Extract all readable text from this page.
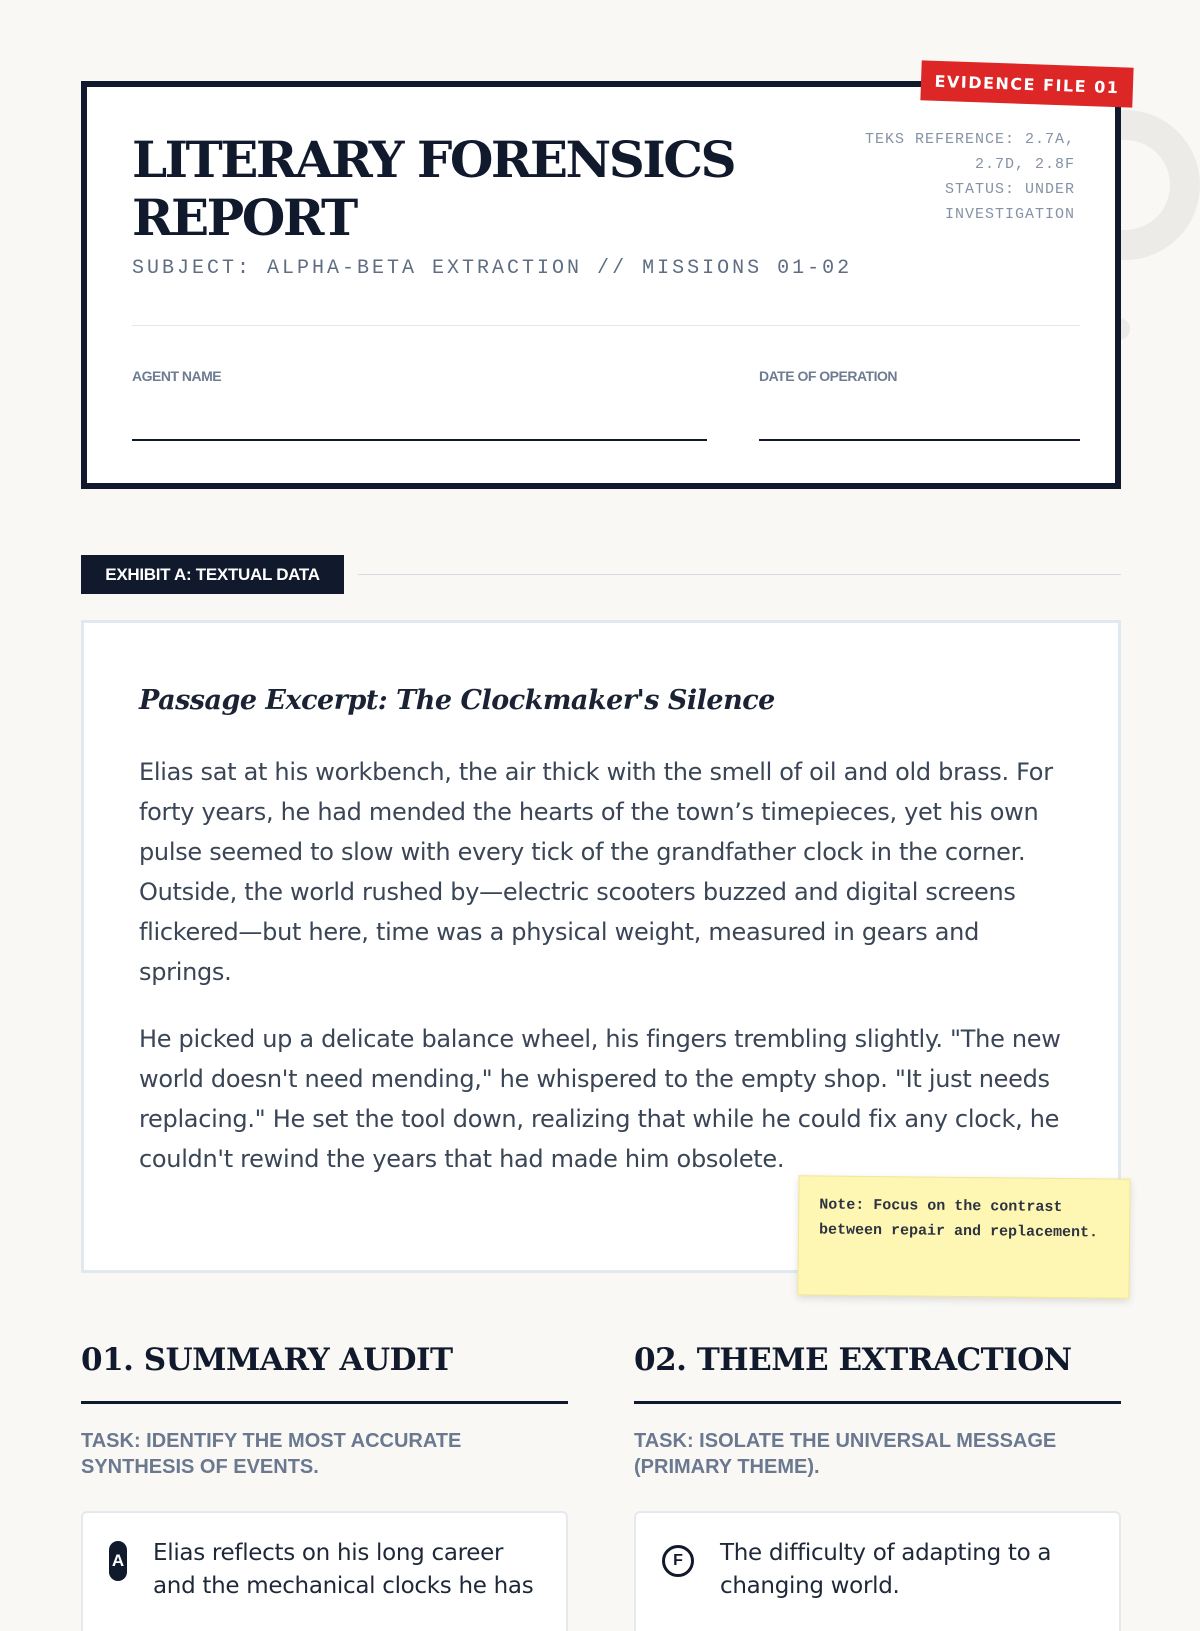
LITERARY FORENSICS REPORT
SUBJECT: ALPHA-BETA EXTRACTION // MISSIONS 01-02
TEKS REFERENCE: 2.7A, 2.7D, 2.8F
STATUS: UNDER INVESTIGATION
AGENT NAME	DATE OF OPERATION
EVIDENCE FILE 01
EXHIBIT A: TEXTUAL DATA
Passage Excerpt: The Clockmaker's Silence

Elias sat at his workbench, the air thick with the smell of oil and old brass. For forty years, he had mended the hearts of the town’s timepieces, yet his own pulse seemed to slow with every tick of the grandfather clock in the corner. Outside, the world rushed by—electric scooters buzzed and digital screens flickered—but here, time was a physical weight, measured in gears and springs.

He picked up a delicate balance wheel, his fingers trembling slightly. "The new world doesn't need mending," he whispered to the empty shop. "It just needs replacing." He set the tool down, realizing that while he could fix any clock, he couldn't rewind the years that had made him obsolete.

Note: Focus on the contrast between repair and replacement.
01. SUMMARY AUDIT
TASK: IDENTIFY THE MOST ACCURATE SYNTHESIS OF EVENTS.
A Elias reflects on his long career and the mechanical clocks he has
02. THEME EXTRACTION
TASK: ISOLATE THE UNIVERSAL MESSAGE (PRIMARY THEME).
F	The difficulty of adapting to a changing world.
